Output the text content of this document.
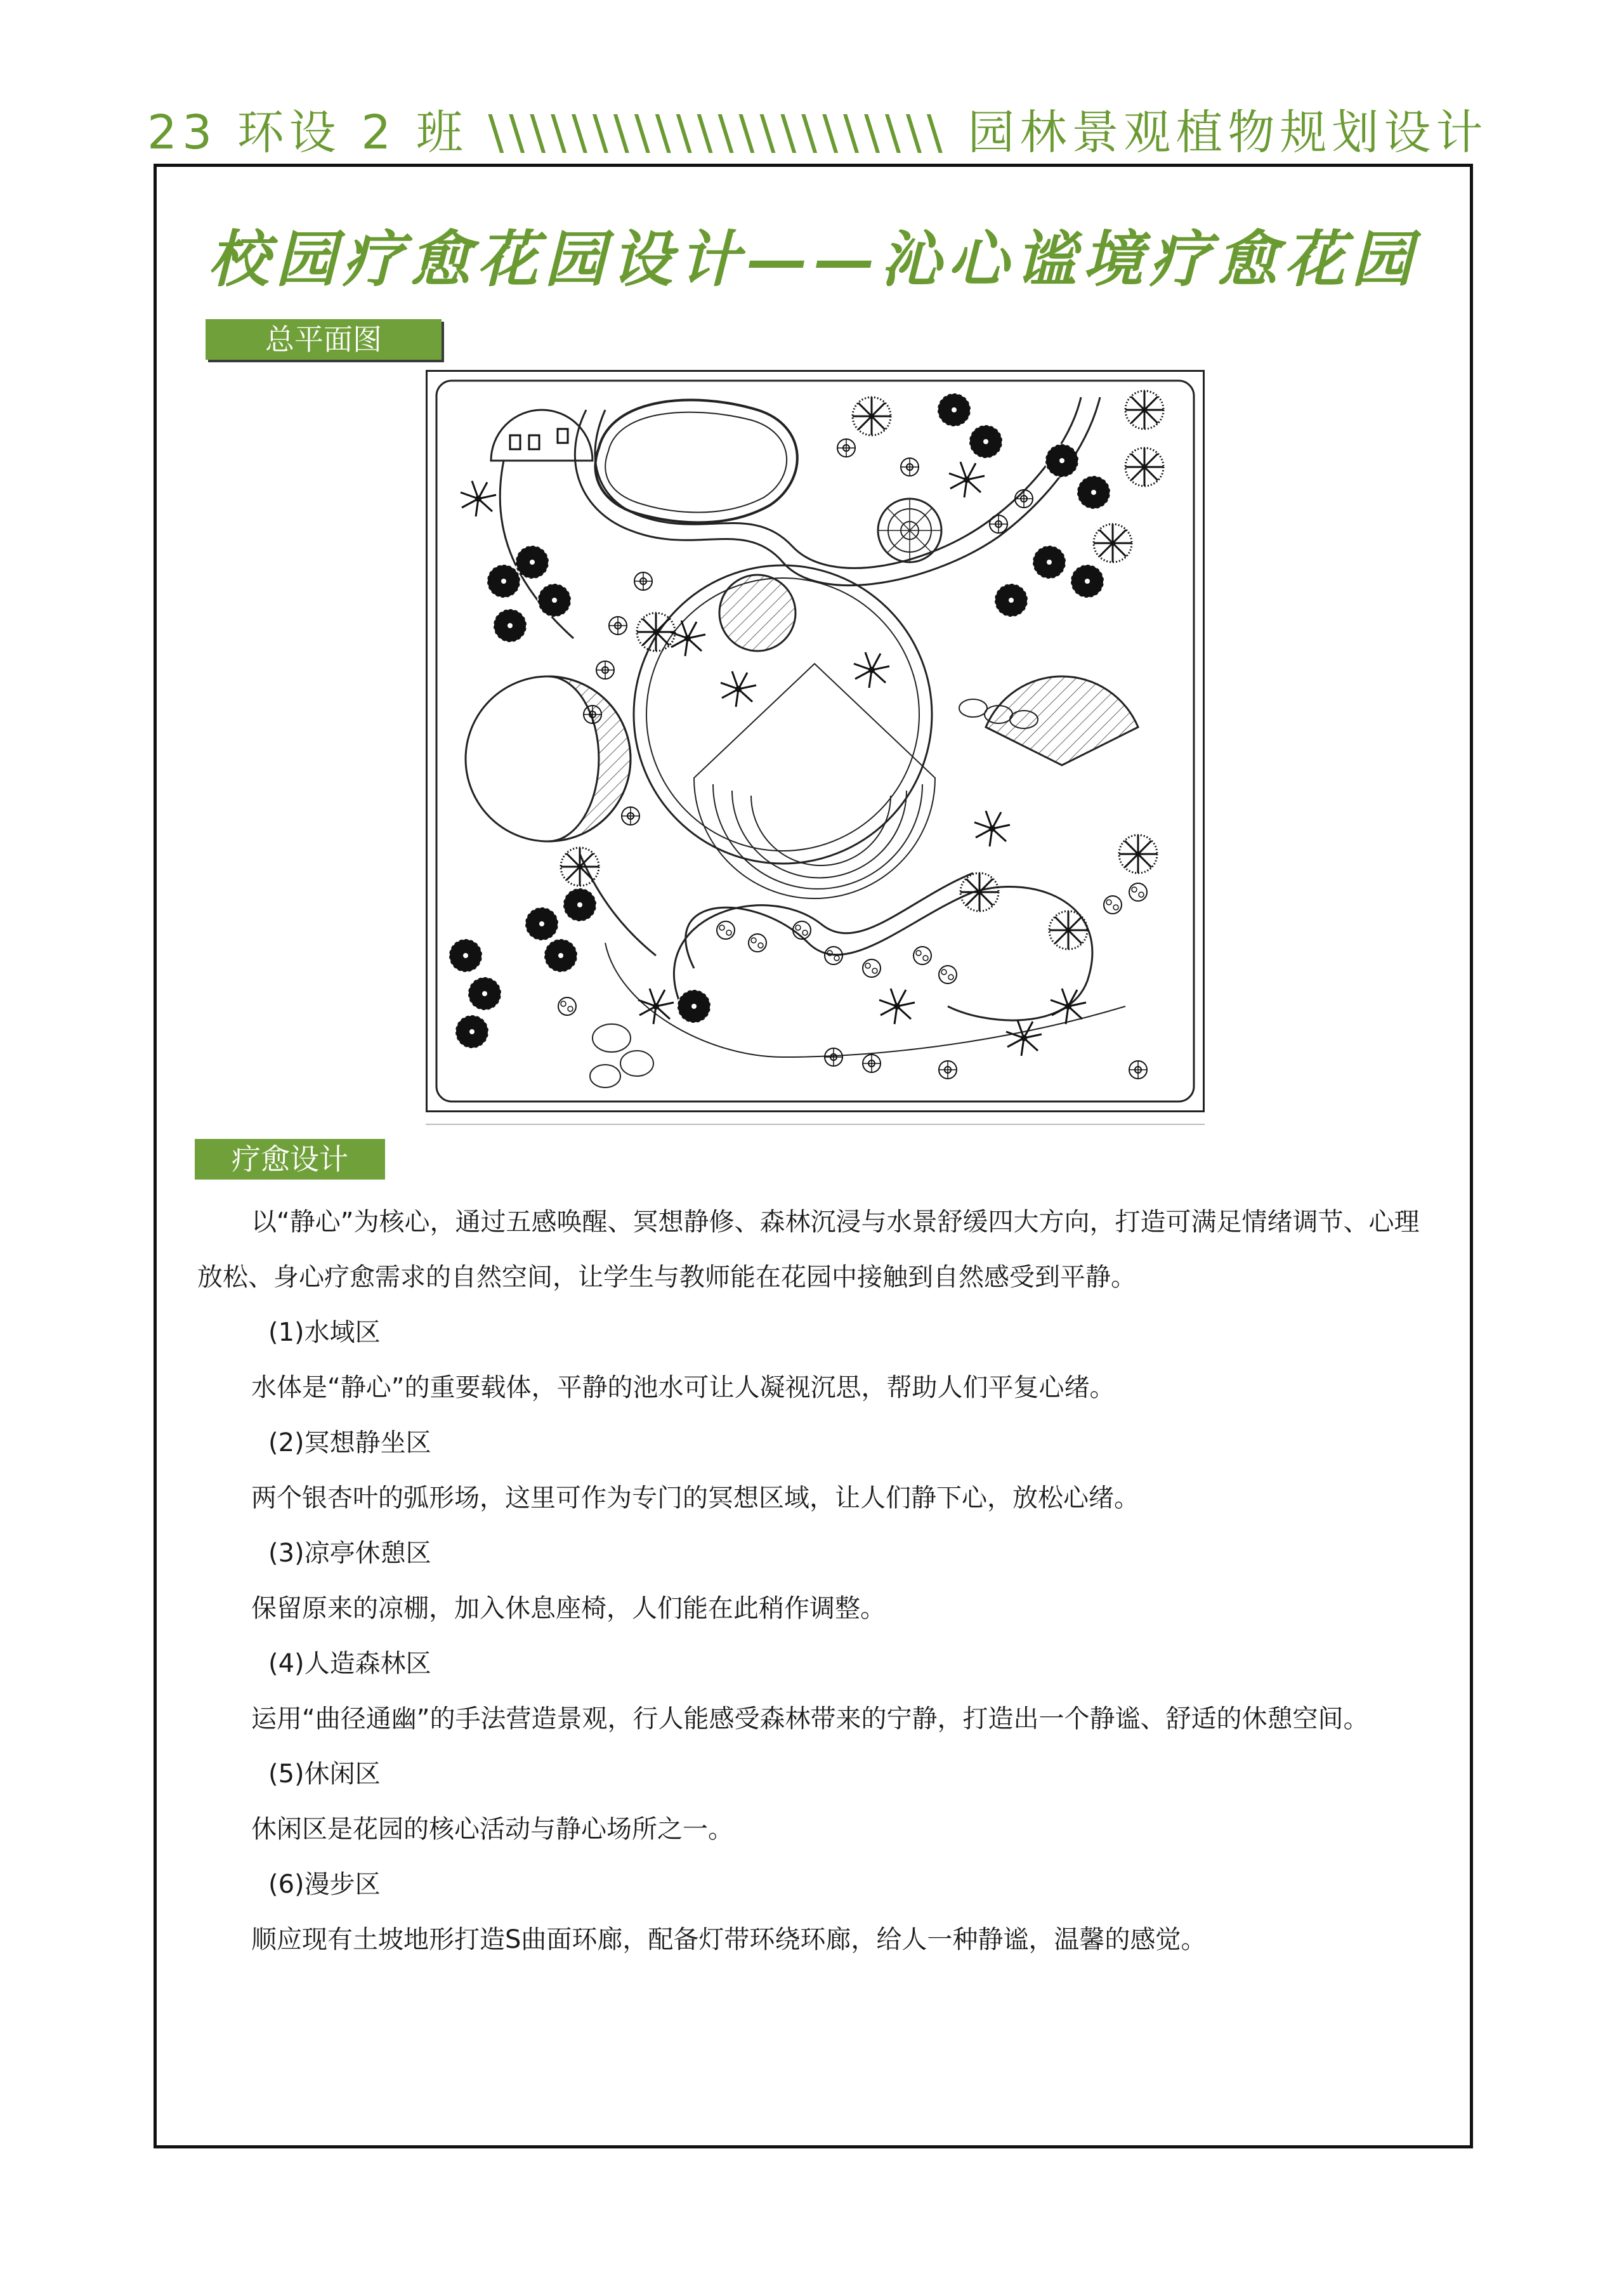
23 环设 2 班 \\\\\\\\\\\\\\\\\\\\\\ 园林景观植物规划设计
校园疗愈花园设计——沁心谧境疗愈花园
总平面图
疗愈设计

以“静心”为核心，通过五感唤醒、冥想静修、森林沉浸与水景舒缓四大方向，打造可满足情绪调节、心理放松、身心疗愈需求的自然空间，让学生与教师能在花园中接触到自然感受到平静。

(1)水域区

水体是“静心”的重要载体，平静的池水可让人凝视沉思，帮助人们平复心绪。

(2)冥想静坐区

两个银杏叶的弧形场，这里可作为专门的冥想区域，让人们静下心，放松心绪。

(3)凉亭休憩区

保留原来的凉棚，加入休息座椅，人们能在此稍作调整。

(4)人造森林区

运用“曲径通幽”的手法营造景观，行人能感受森林带来的宁静，打造出一个静谧、舒适的休憩空间。

(5)休闲区

休闲区是花园的核心活动与静心场所之一。

(6)漫步区

顺应现有土坡地形打造S曲面环廊，配备灯带环绕环廊，给人一种静谧，温馨的感觉。
